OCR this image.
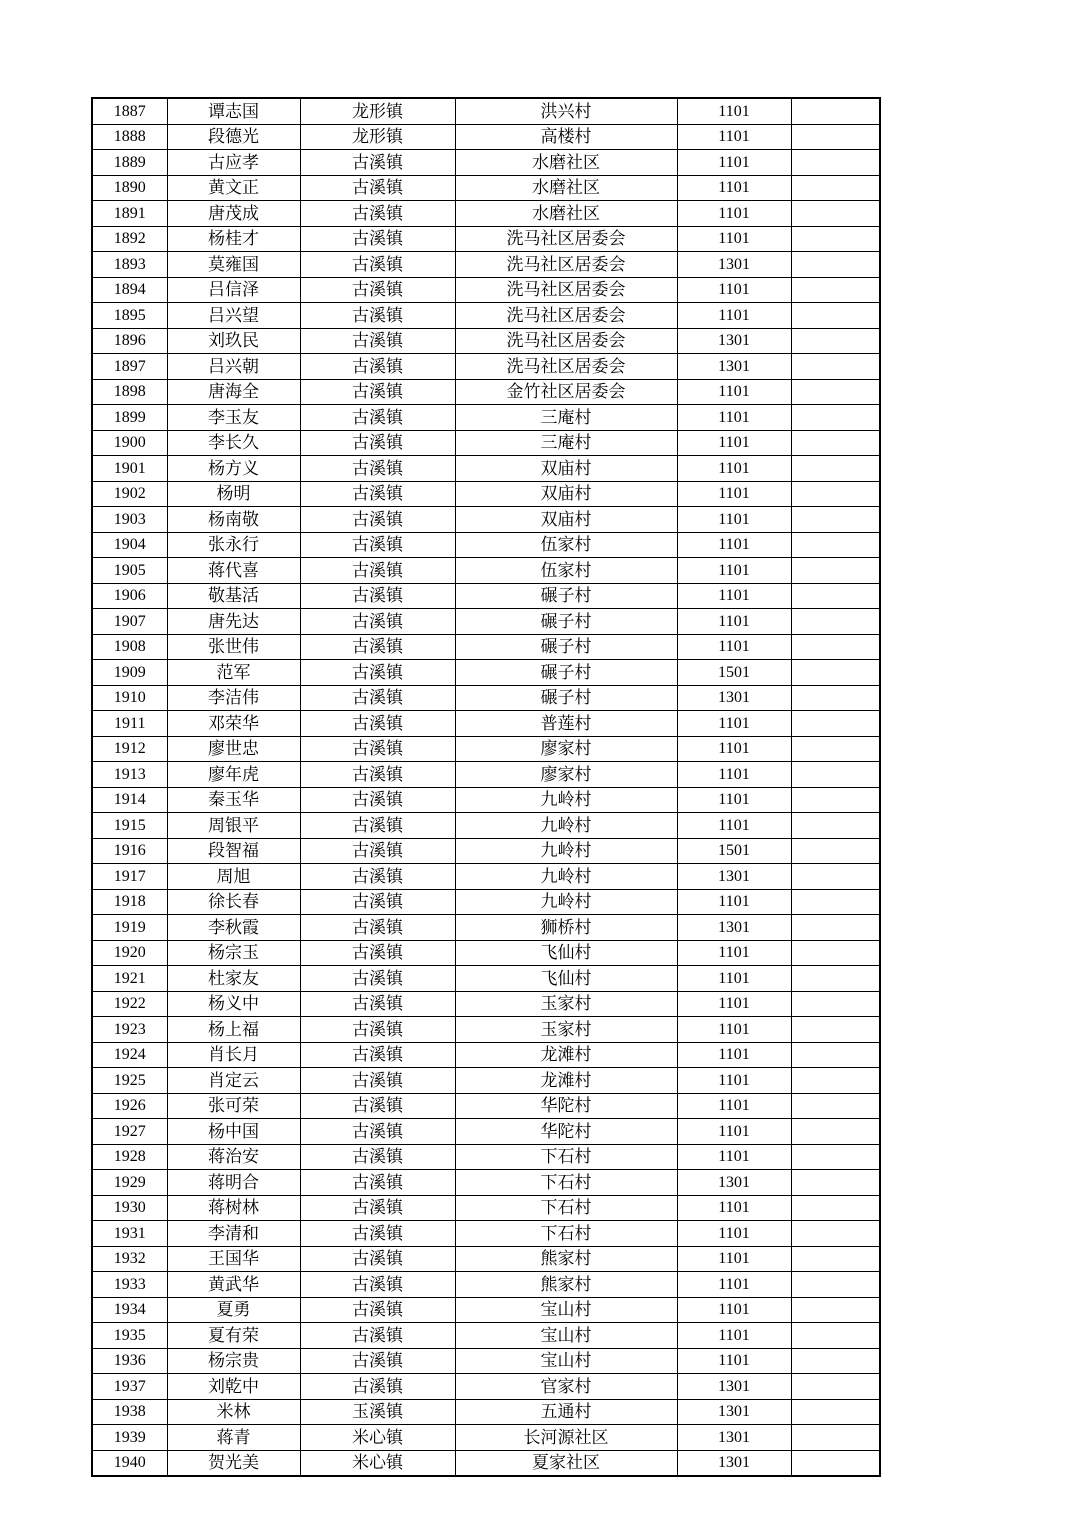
1887	谭志国	龙形镇	洪兴村	1101	
1888	段德光	龙形镇	高楼村	1101	
1889	古应孝	古溪镇	水磨社区	1101	
1890	黄文正	古溪镇	水磨社区	1101	
1891	唐茂成	古溪镇	水磨社区	1101	
1892	杨桂才	古溪镇	洗马社区居委会	1101	
1893	莫雍国	古溪镇	洗马社区居委会	1301	
1894	吕信泽	古溪镇	洗马社区居委会	1101	
1895	吕兴望	古溪镇	洗马社区居委会	1101	
1896	刘玖民	古溪镇	洗马社区居委会	1301	
1897	吕兴朝	古溪镇	洗马社区居委会	1301	
1898	唐海全	古溪镇	金竹社区居委会	1101	
1899	李玉友	古溪镇	三庵村	1101	
1900	李长久	古溪镇	三庵村	1101	
1901	杨方义	古溪镇	双庙村	1101	
1902	杨明	古溪镇	双庙村	1101	
1903	杨南敬	古溪镇	双庙村	1101	
1904	张永行	古溪镇	伍家村	1101	
1905	蒋代喜	古溪镇	伍家村	1101	
1906	敬基活	古溪镇	碾子村	1101	
1907	唐先达	古溪镇	碾子村	1101	
1908	张世伟	古溪镇	碾子村	1101	
1909	范军	古溪镇	碾子村	1501	
1910	李洁伟	古溪镇	碾子村	1301	
1911	邓荣华	古溪镇	普莲村	1101	
1912	廖世忠	古溪镇	廖家村	1101	
1913	廖年虎	古溪镇	廖家村	1101	
1914	秦玉华	古溪镇	九岭村	1101	
1915	周银平	古溪镇	九岭村	1101	
1916	段智福	古溪镇	九岭村	1501	
1917	周旭	古溪镇	九岭村	1301	
1918	徐长春	古溪镇	九岭村	1101	
1919	李秋霞	古溪镇	狮桥村	1301	
1920	杨宗玉	古溪镇	飞仙村	1101	
1921	杜家友	古溪镇	飞仙村	1101	
1922	杨义中	古溪镇	玉家村	1101	
1923	杨上福	古溪镇	玉家村	1101	
1924	肖长月	古溪镇	龙滩村	1101	
1925	肖定云	古溪镇	龙滩村	1101	
1926	张可荣	古溪镇	华陀村	1101	
1927	杨中国	古溪镇	华陀村	1101	
1928	蒋治安	古溪镇	下石村	1101	
1929	蒋明合	古溪镇	下石村	1301	
1930	蒋树林	古溪镇	下石村	1101	
1931	李清和	古溪镇	下石村	1101	
1932	王国华	古溪镇	熊家村	1101	
1933	黄武华	古溪镇	熊家村	1101	
1934	夏勇	古溪镇	宝山村	1101	
1935	夏有荣	古溪镇	宝山村	1101	
1936	杨宗贵	古溪镇	宝山村	1101	
1937	刘乾中	古溪镇	官家村	1301	
1938	米林	玉溪镇	五通村	1301	
1939	蒋青	米心镇	长河源社区	1301	
1940	贺光美	米心镇	夏家社区	1301	
